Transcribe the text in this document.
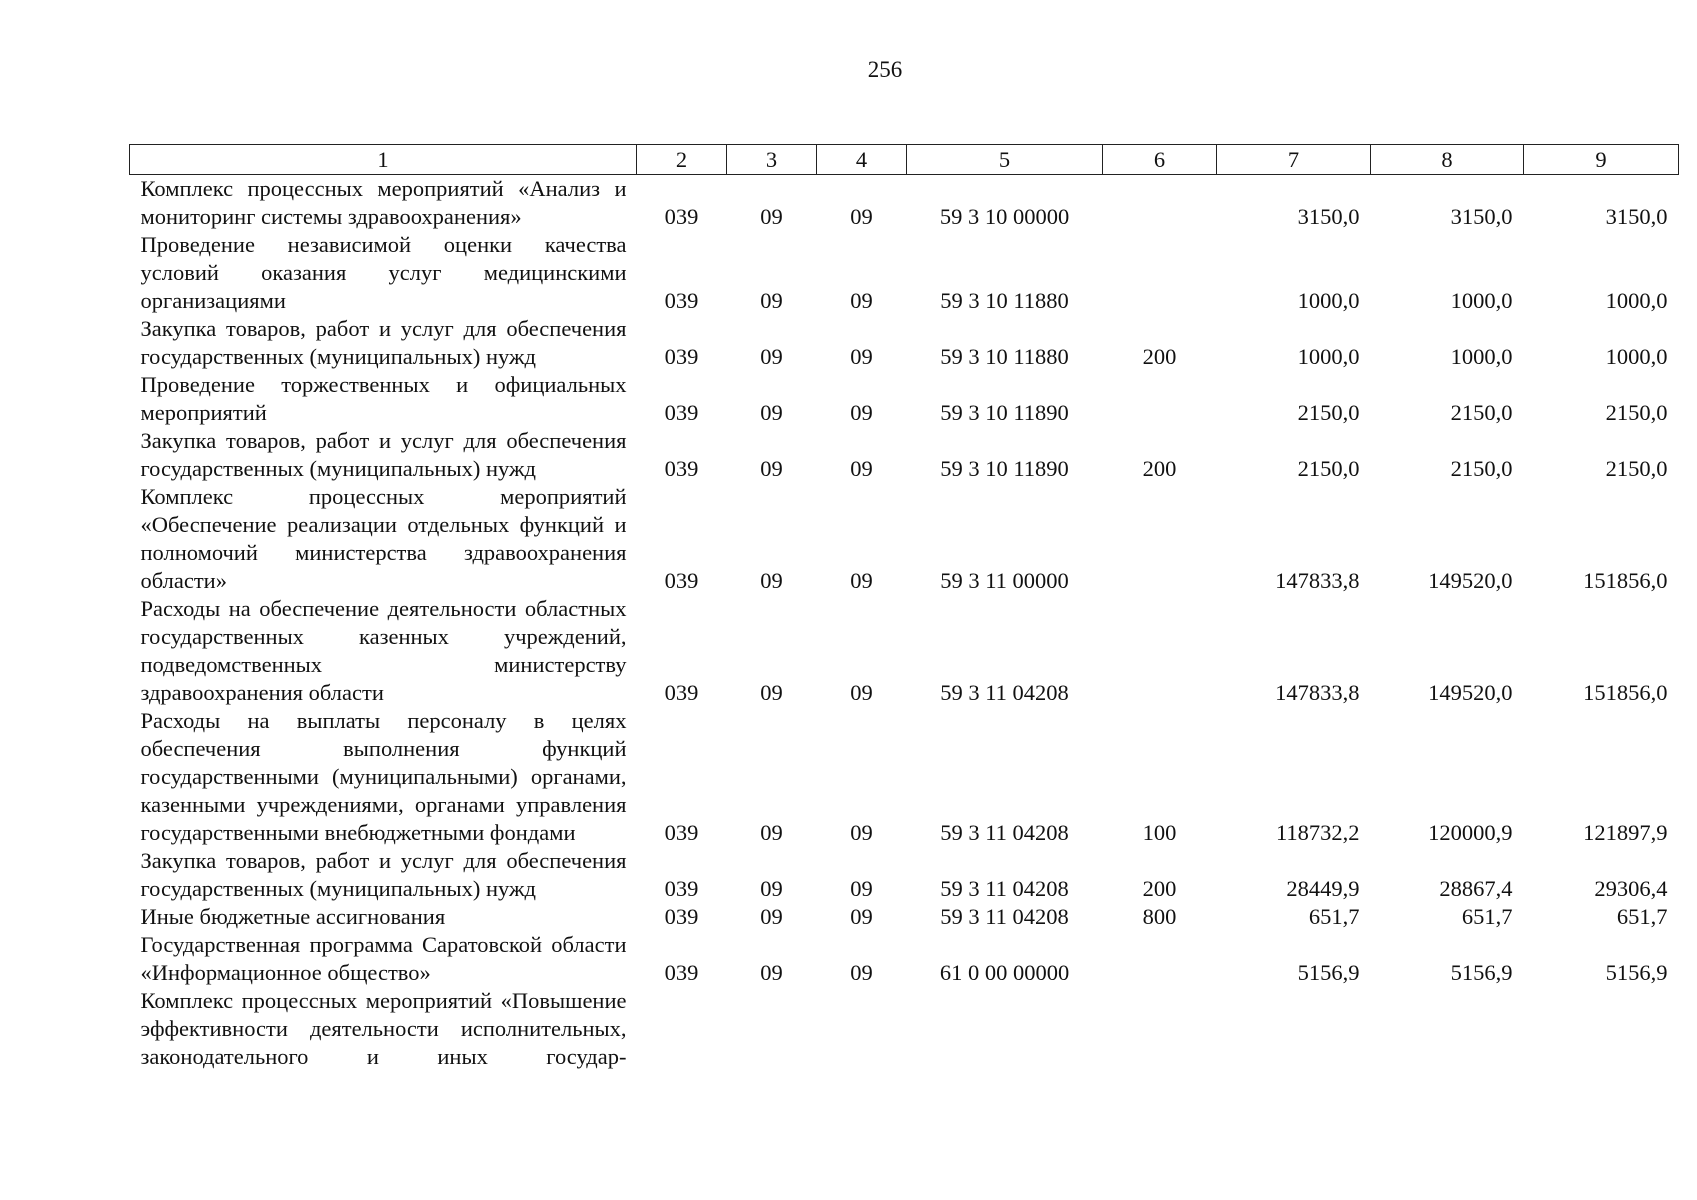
256
1	2	3	4	5	6	7	8	9
Комплекс процессных мероприятий «Анализ и мониторинг системы здравоохранения»	039	09	09	59 3 10 00000		3150,0	3150,0	3150,0
Проведение независимой оценки качества условий оказания услуг медицинскими организациями	039	09	09	59 3 10 11880		1000,0	1000,0	1000,0
Закупка товаров, работ и услуг для обеспечения государственных (муниципальных) нужд	039	09	09	59 3 10 11880	200	1000,0	1000,0	1000,0
Проведение торжественных и официальных мероприятий	039	09	09	59 3 10 11890		2150,0	2150,0	2150,0
Закупка товаров, работ и услуг для обеспечения государственных (муниципальных) нужд	039	09	09	59 3 10 11890	200	2150,0	2150,0	2150,0
Комплекс процессных мероприятий «Обеспечение реализации отдельных функций и полномочий министерства здравоохранения области»	039	09	09	59 3 11 00000		147833,8	149520,0	151856,0
Расходы на обеспечение деятельности областных государственных казенных учреждений, подведомственных министерству здравоохранения области	039	09	09	59 3 11 04208		147833,8	149520,0	151856,0
Расходы на выплаты персоналу в целях обеспечения выполнения функций государственными (муниципальными) органами, казенными учреждениями, органами управления государственными внебюджетными фондами	039	09	09	59 3 11 04208	100	118732,2	120000,9	121897,9
Закупка товаров, работ и услуг для обеспечения государственных (муниципальных) нужд	039	09	09	59 3 11 04208	200	28449,9	28867,4	29306,4
Иные бюджетные ассигнования	039	09	09	59 3 11 04208	800	651,7	651,7	651,7
Государственная программа Саратовской области «Информационное общество»	039	09	09	61 0 00 00000		5156,9	5156,9	5156,9
Комплекс процессных мероприятий «Повышение эффективности деятельности исполнительных, законодательного и иных государ-								
